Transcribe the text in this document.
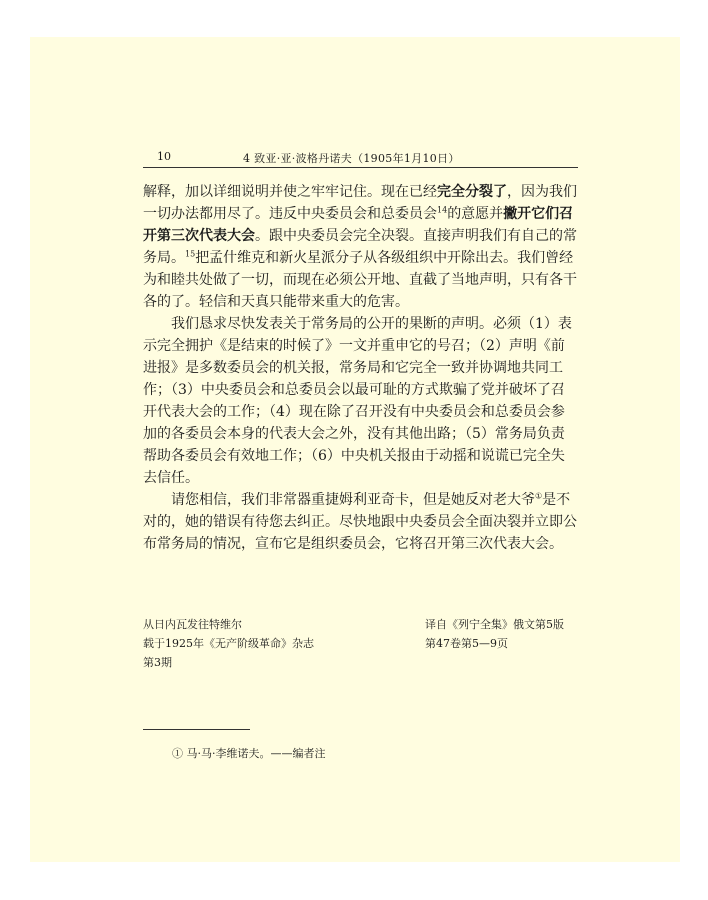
10	4 致亚·亚·波格丹诺夫（1905年1月10日）

解释，加以详细说明并使之牢牢记住。现在已经完全分裂了，因为我们一切办法都用尽了。违反中央委员会和总委员会$^{14}$的意愿并撇开它们召开第三次代表大会。跟中央委员会完全决裂。直接声明我们有自己的常务局。$^{15}$把孟什维克和新火星派分子从各级组织中开除出去。我们曾经为和睦共处做了一切，而现在必须公开地、直截了当地声明，只有各干各的了。轻信和天真只能带来重大的危害。

我们恳求尽快发表关于常务局的公开的果断的声明。必须（1）表示完全拥护《是结束的时候了》一文并重申它的号召；（2）声明《前进报》是多数委员会的机关报，常务局和它完全一致并协调地共同工作；（3）中央委员会和总委员会以最可耻的方式欺骗了党并破坏了召开代表大会的工作；（4）现在除了召开没有中央委员会和总委员会参加的各委员会本身的代表大会之外，没有其他出路；（5）常务局负责帮助各委员会有效地工作；（6）中央机关报由于动摇和说谎已完全失去信任。

请您相信，我们非常器重捷姆利亚奇卡，但是她反对老大爷①是不对的，她的错误有待您去纠正。尽快地跟中央委员会全面决裂并立即公布常务局的情况，宣布它是组织委员会，它将召开第三次代表大会。

从日内瓦发往特维尔
载于1925年《无产阶级革命》杂志
第3期
译自《列宁全集》俄文第5版
第47卷第5—9页
① 马·马·李维诺夫。——编者注
